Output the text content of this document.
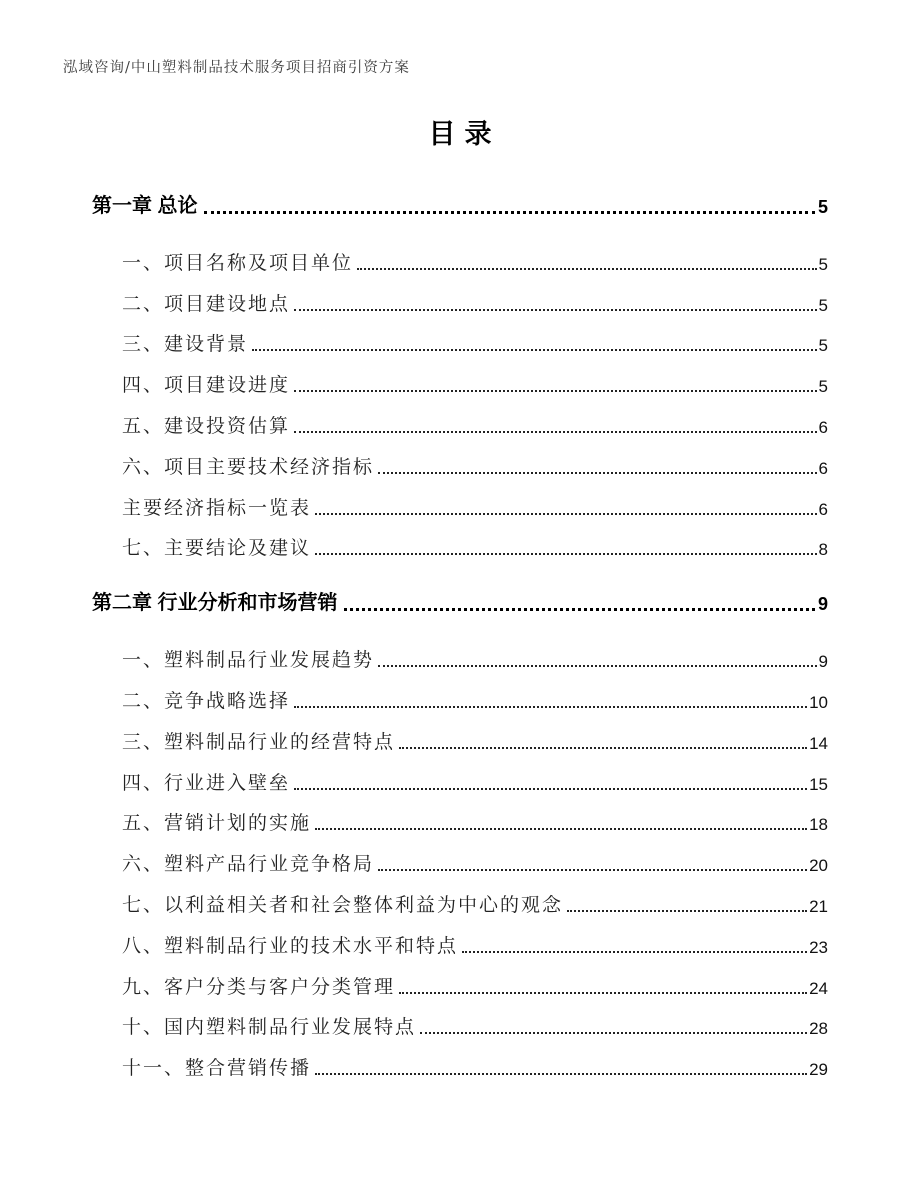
泓域咨询/中山塑料制品技术服务项目招商引资方案
目录
第一章 总论	5
一、项目名称及项目单位	5
二、项目建设地点	5
三、建设背景	5
四、项目建设进度	5
五、建设投资估算	6
六、项目主要技术经济指标	6
主要经济指标一览表	6
七、主要结论及建议	8
第二章 行业分析和市场营销	9
一、塑料制品行业发展趋势	9
二、竞争战略选择	10
三、塑料制品行业的经营特点	14
四、行业进入壁垒	15
五、营销计划的实施	18
六、塑料产品行业竞争格局	20
七、以利益相关者和社会整体利益为中心的观念	21
八、塑料制品行业的技术水平和特点	23
九、客户分类与客户分类管理	24
十、国内塑料制品行业发展特点	28
十一、整合营销传播	29
